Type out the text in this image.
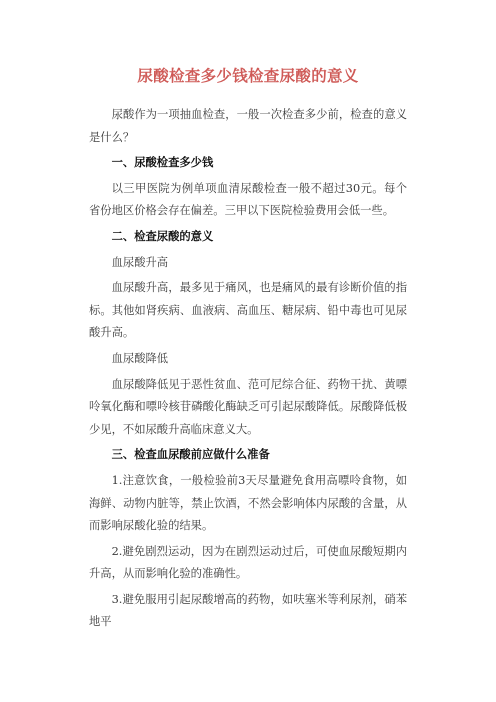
尿酸检查多少钱检查尿酸的意义

尿酸作为一项抽血检查，一般一次检查多少前，检查的意义是什么？

一、尿酸检查多少钱

以三甲医院为例单项血清尿酸检查一般不超过30元。每个省份地区价格会存在偏差。三甲以下医院检验费用会低一些。

二、检查尿酸的意义

血尿酸升高

血尿酸升高，最多见于痛风，也是痛风的最有诊断价值的指标。其他如肾疾病、血液病、高血压、糖尿病、铅中毒也可见尿酸升高。

血尿酸降低

血尿酸降低见于恶性贫血、范可尼综合征、药物干扰、黄嘌呤氧化酶和嘌呤核苷磷酸化酶缺乏可引起尿酸降低。尿酸降低极少见，不如尿酸升高临床意义大。

三、检查血尿酸前应做什么准备

1.注意饮食，一般检验前3天尽量避免食用高嘌呤食物，如海鲜、动物内脏等，禁止饮酒，不然会影响体内尿酸的含量，从而影响尿酸化验的结果。

2.避免剧烈运动，因为在剧烈运动过后，可使血尿酸短期内升高，从而影响化验的准确性。

3.避免服用引起尿酸增高的药物，如呋塞米等利尿剂，硝苯地平
